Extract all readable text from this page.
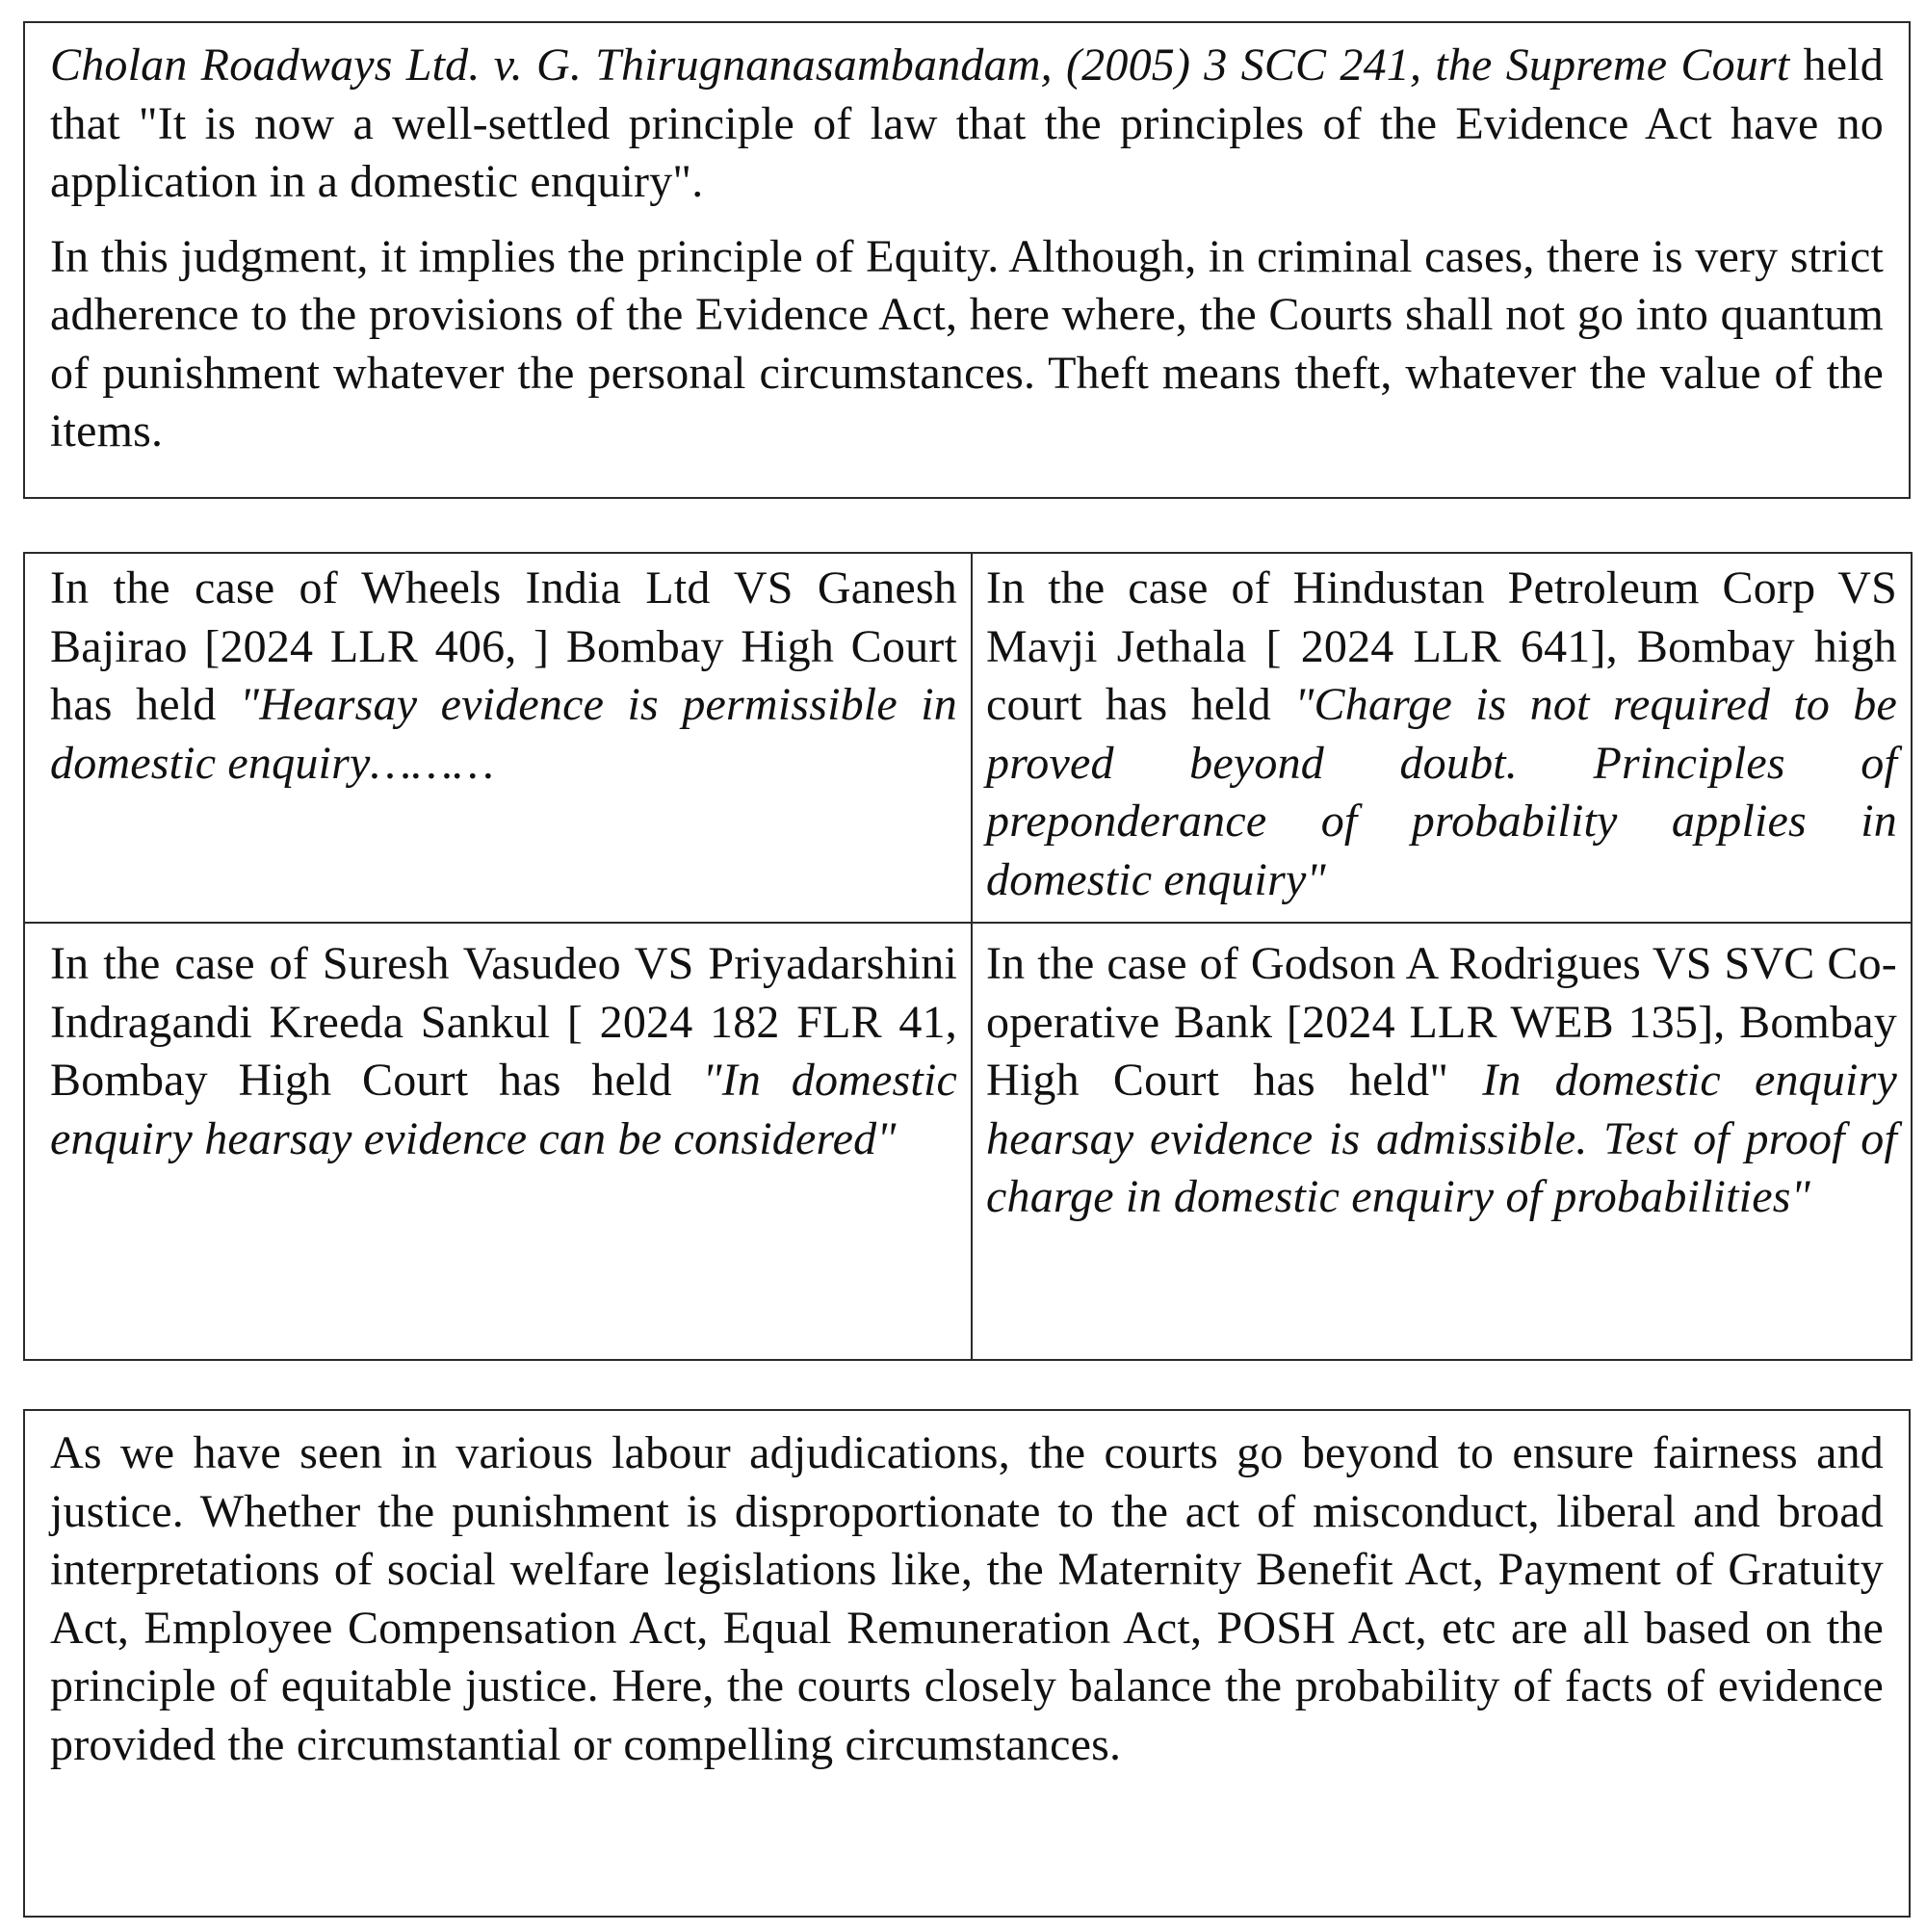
Cholan Roadways Ltd. v. G. Thirugnanasambandam, (2005) 3 SCC 241, the Supreme Court held that "It is now a well-settled principle of law that the principles of the Evidence Act have no application in a domestic enquiry".

In this judgment, it implies the principle of Equity. Although, in criminal cases, there is very strict adherence to the provisions of the Evidence Act, here where, the Courts shall not go into quantum of punishment whatever the personal circumstances. Theft means theft, whatever the value of the items.

In the case of Wheels India Ltd VS Ganesh Bajirao [2024 LLR 406, ] Bombay High Court has held "Hearsay evidence is permissible in domestic enquiry………	In the case of Hindustan Petroleum Corp VS Mavji Jethala [ 2024 LLR 641], Bombay high court has held "Charge is not required to be proved beyond doubt. Principles of preponderance of probability applies in domestic enquiry"

In the case of Suresh Vasudeo VS Priyadarshini Indragandi Kreeda Sankul [ 2024 182 FLR 41, Bombay High Court has held "In domestic enquiry hearsay evidence can be considered"	In the case of Godson A Rodrigues VS SVC Co-operative Bank [2024 LLR WEB 135], Bombay High Court has held" In domestic enquiry hearsay evidence is admissible. Test of proof of charge in domestic enquiry of probabilities"

As we have seen in various labour adjudications, the courts go beyond to ensure fairness and justice. Whether the punishment is disproportionate to the act of misconduct, liberal and broad interpretations of social welfare legislations like, the Maternity Benefit Act, Payment of Gratuity Act, Employee Compensation Act, Equal Remuneration Act, POSH Act, etc are all based on the principle of equitable justice. Here, the courts closely balance the probability of facts of evidence provided the circumstantial or compelling circumstances.
